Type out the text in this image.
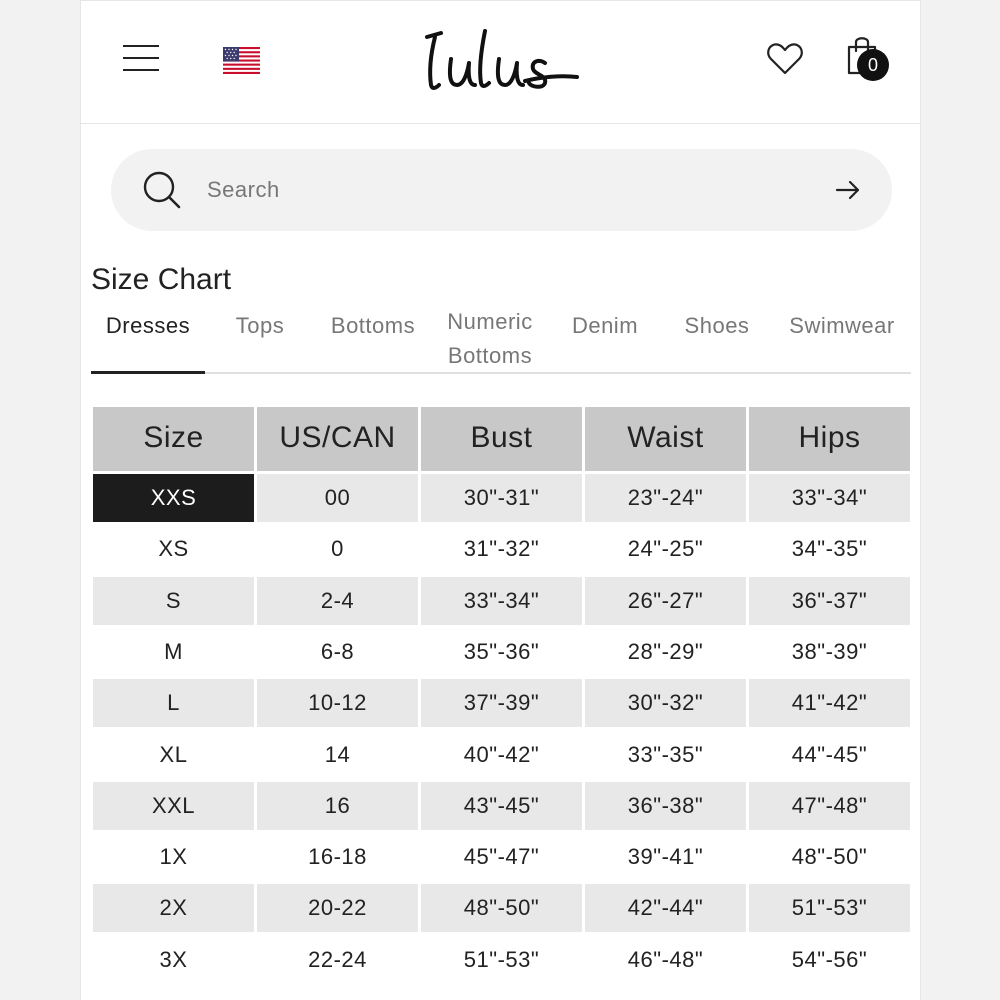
0
Search
Size Chart
Dresses	Tops	Bottoms	Numeric Bottoms
Denim	Shoes	Swimwear
Size	US/CAN	Bust	Waist	Hips
XXS	00	30"-31"	23"-24"	33"-34"
XS	0	31"-32"	24"-25"	34"-35"
S	2-4	33"-34"	26"-27"	36"-37"
M	6-8	35"-36"	28"-29"	38"-39"
L	10-12	37"-39"	30"-32"	41"-42"
XL	14	40"-42"	33"-35"	44"-45"
XXL	16	43"-45"	36"-38"	47"-48"
1X	16-18	45"-47"	39"-41"	48"-50"
2X	20-22	48"-50"	42"-44"	51"-53"
3X	22-24	51"-53"	46"-48"	54"-56"
